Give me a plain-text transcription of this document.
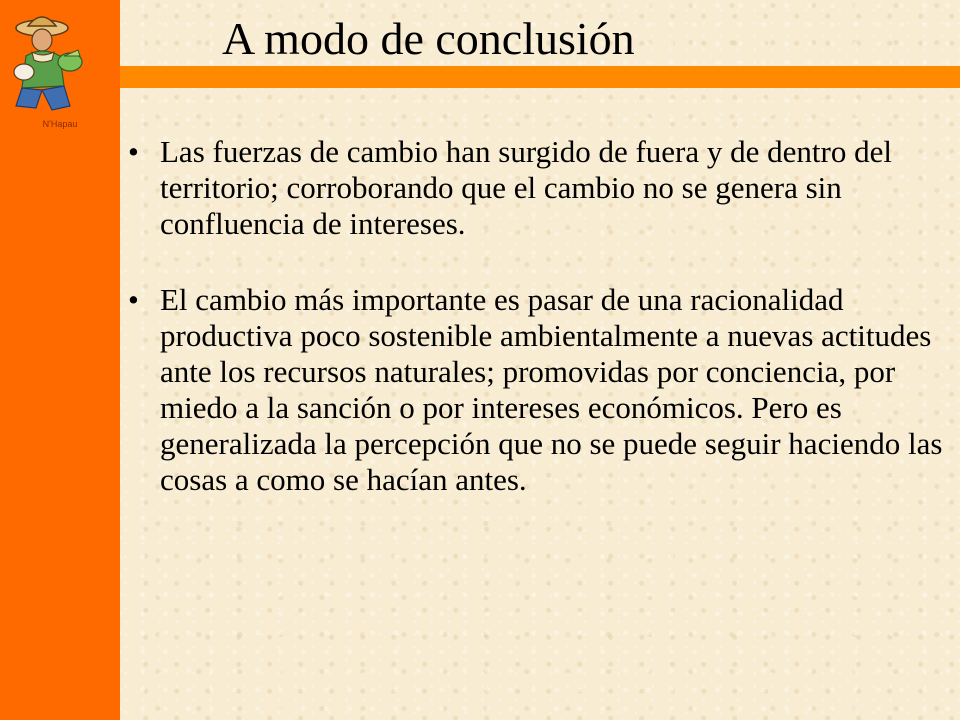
N'Hapau
A modo de conclusión
• Las fuerzas de cambio han surgido de fuera y de dentro del territorio; corroborando que el cambio no se genera sin confluencia de intereses.
• El cambio más importante es pasar de una racionalidad productiva poco sostenible ambientalmente a nuevas actitudes ante los recursos naturales; promovidas por conciencia, por miedo a la sanción o por intereses económicos. Pero es generalizada la percepción que no se puede seguir haciendo las cosas a como se hacían antes.
